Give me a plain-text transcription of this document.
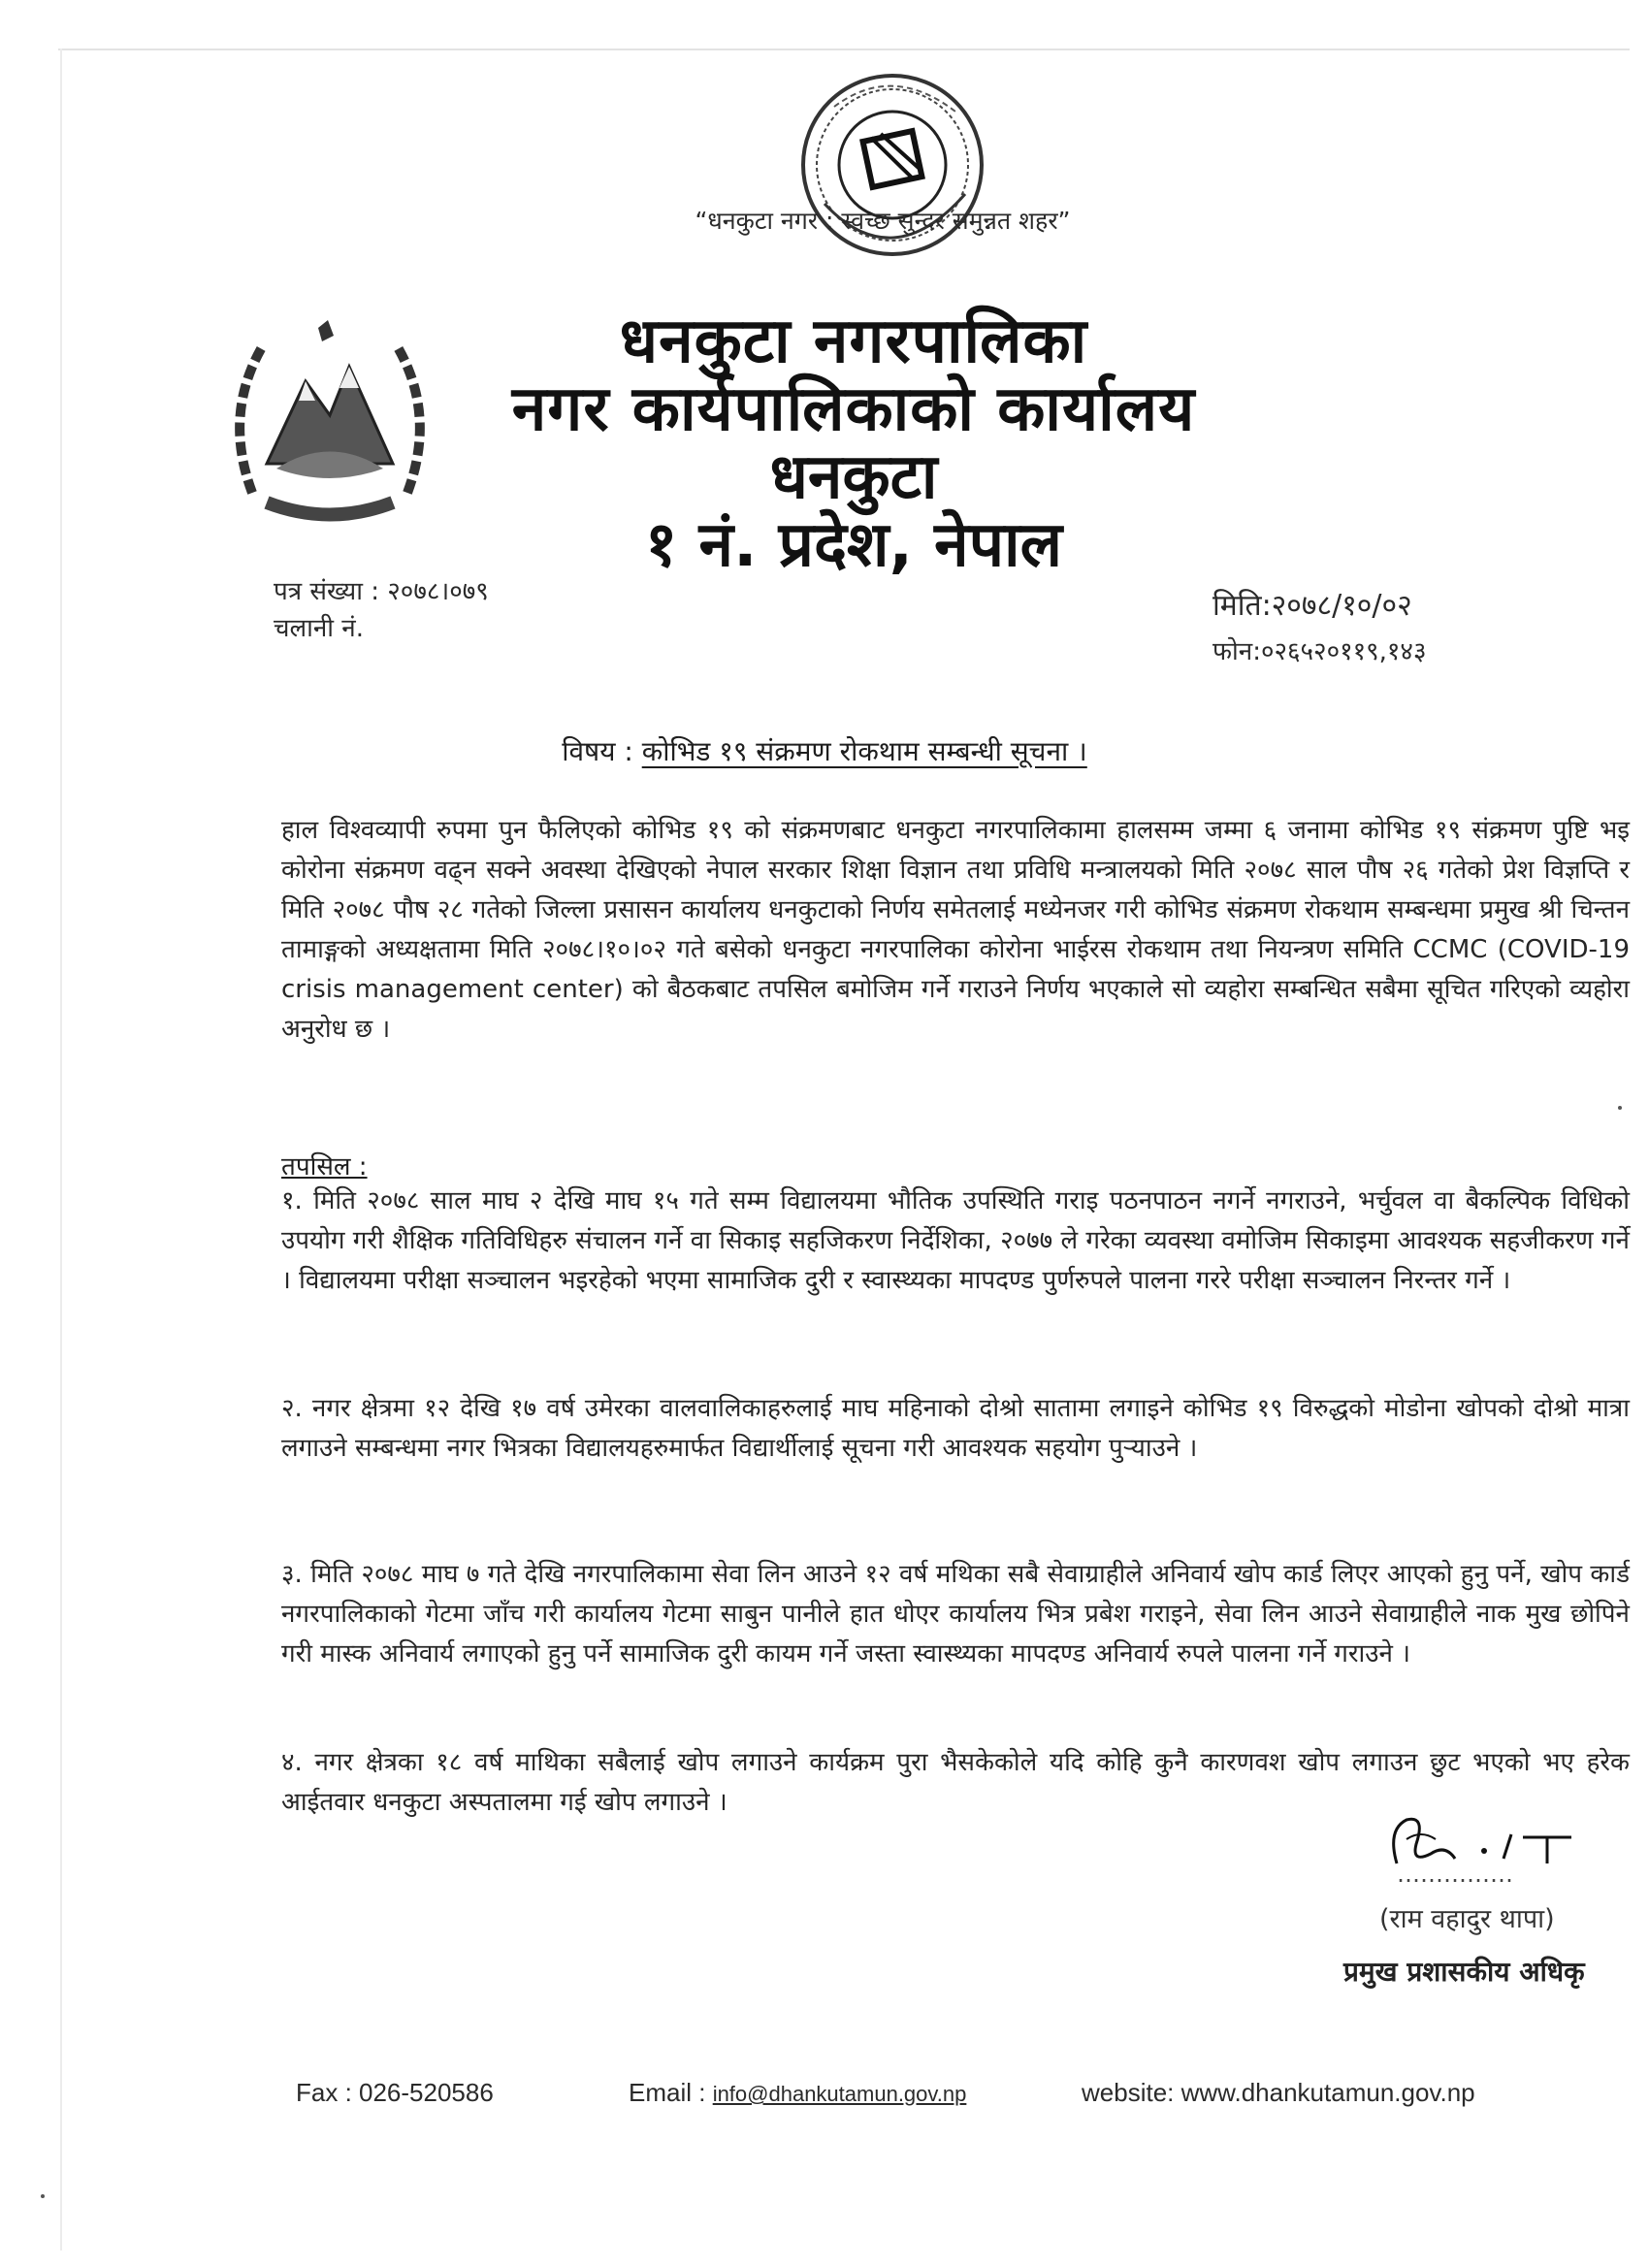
“धनकुटा नगर : स्वच्छ सुन्दर समुन्नत शहर”
धनकुटा नगरपालिका
नगर कार्यपालिकाको कार्यालय
धनकुटा
१ नं. प्रदेश, नेपाल
पत्र संख्या : २०७८।०७९
चलानी नं.
मिति:२०७८/१०/०२
फोन:०२६५२०११९,१४३
विषय : कोभिड १९ संक्रमण रोकथाम सम्बन्धी सूचना ।
हाल विश्वव्यापी रुपमा पुन फैलिएको कोभिड १९ को संक्रमणबाट धनकुटा नगरपालिकामा हालसम्म जम्मा ६ जनामा कोभिड १९ संक्रमण पुष्टि भइ कोरोना संक्रमण वढ्न सक्ने अवस्था देखिएको नेपाल सरकार शिक्षा विज्ञान तथा प्रविधि मन्त्रालयको मिति २०७८ साल पौष २६ गतेको प्रेश विज्ञप्ति र मिति २०७८ पौष २८ गतेको जिल्ला प्रसासन कार्यालय धनकुटाको निर्णय समेतलाई मध्येनजर गरी कोभिड संक्रमण रोकथाम सम्बन्धमा प्रमुख श्री चिन्तन तामाङ्गको अध्यक्षतामा मिति २०७८।१०।०२ गते बसेको धनकुटा नगरपालिका कोरोना भाईरस रोकथाम तथा नियन्त्रण समिति CCMC (COVID-19 crisis management center) को बैठकबाट तपसिल बमोजिम गर्ने गराउने निर्णय भएकाले सो व्यहोरा सम्बन्धित सबैमा सूचित गरिएको व्यहोरा अनुरोध छ ।
तपसिल :
१. मिति २०७८ साल माघ २ देखि माघ १५ गते सम्म विद्यालयमा भौतिक उपस्थिति गराइ पठनपाठन नगर्ने नगराउने, भर्चुवल वा बैकल्पिक विधिको उपयोग गरी शैक्षिक गतिविधिहरु संचालन गर्ने वा सिकाइ सहजिकरण निर्देशिका, २०७७ ले गरेका व्यवस्था वमोजिम सिकाइमा आवश्यक सहजीकरण गर्ने । विद्यालयमा परीक्षा सञ्चालन भइरहेको भएमा सामाजिक दुरी र स्वास्थ्यका मापदण्ड पुर्णरुपले पालना गररे परीक्षा सञ्चालन निरन्तर गर्ने ।
२. नगर क्षेत्रमा १२ देखि १७ वर्ष उमेरका वालवालिकाहरुलाई माघ महिनाको दोश्रो सातामा लगाइने कोभिड १९ विरुद्धको मोडोना खोपको दोश्रो मात्रा लगाउने सम्बन्धमा नगर भित्रका विद्यालयहरुमार्फत विद्यार्थीलाई सूचना गरी आवश्यक सहयोग पुऱ्याउने ।
३. मिति २०७८ माघ ७ गते देखि नगरपालिकामा सेवा लिन आउने १२ वर्ष मथिका सबै सेवाग्राहीले अनिवार्य खोप कार्ड लिएर आएको हुनु पर्ने, खोप कार्ड नगरपालिकाको गेटमा जाँच गरी कार्यालय गेटमा साबुन पानीले हात धोएर कार्यालय भित्र प्रबेश गराइने, सेवा लिन आउने सेवाग्राहीले नाक मुख छोपिने गरी मास्क अनिवार्य लगाएको हुनु पर्ने सामाजिक दुरी कायम गर्ने जस्ता स्वास्थ्यका मापदण्ड अनिवार्य रुपले पालना गर्ने गराउने ।
४. नगर क्षेत्रका १८ वर्ष माथिका सबैलाई खोप लगाउने कार्यक्रम पुरा भैसकेकोले यदि कोहि कुनै कारणवश खोप लगाउन छुट भएको भए हरेक आईतवार धनकुटा अस्पतालमा गई खोप लगाउने ।
……………
(राम वहादुर थापा)
प्रमुख प्रशासकीय अधिकृ
Fax : 026-520586	Email : info@dhankutamun.gov.np	website: www.dhankutamun.gov.np
